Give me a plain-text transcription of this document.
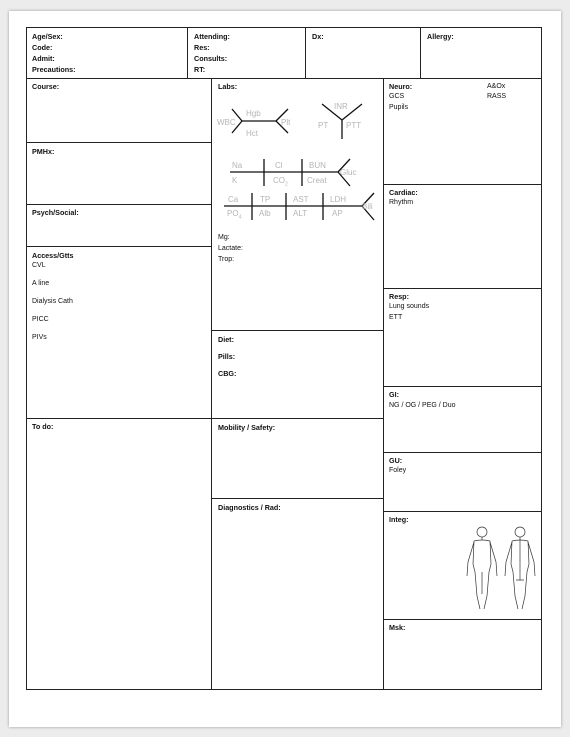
Age/Sex:
Code:
Admit:
Precautions:
Attending:
Res:
Consults:
RT:
Dx:	Allergy:
Course:
PMHx:
Psych/Social:
Access/Gtts
CVL
A line
Dialysis Cath
PICC
PIVs
To do:
Labs:
Hgb
WBC	Plt
Hct
INR
PT PTT
Na	Cl	BUN
Gluc
K	$CO_2$ Creat
Ca	TP	AST	LDH
Bili
$PO_4$ Alb	ALT	AP
Mg:
Lactate:
Trop:
Diet:
Pills:
CBG:
Mobility / Safety:
Diagnostics / Rad:
Neuro:
GCS
Pupils
A&Ox
RASS
Cardiac:
Rhythm
Resp:
Lung sounds
ETT
GI:
NG / OG / PEG / Duo
GU:
Foley
Integ:
Msk:
